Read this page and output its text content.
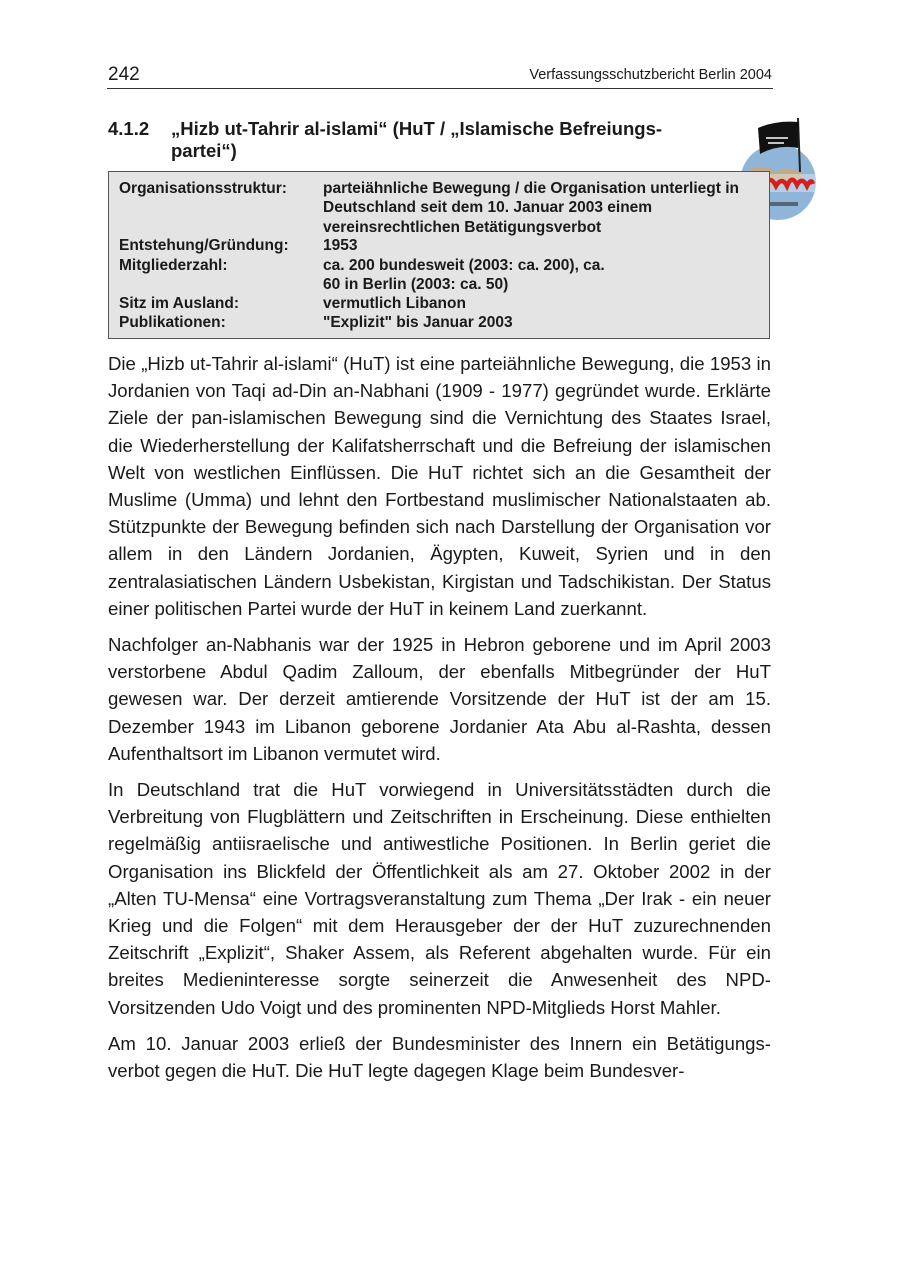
242	Verfassungsschutzbericht Berlin 2004
4.1.2 „Hizb ut-Tahrir al-islami“ (HuT / „Islamische Befreiungs-partei“)
Organisationsstruktur:	parteiähnliche Bewegung / die Organisation unterliegt in Deutschland seit dem 10. Januar 2003 einem vereinsrechtlichen Betätigungsverbot
Entstehung/Gründung:	1953
Mitgliederzahl:	ca. 200 bundesweit (2003: ca. 200), ca. 60 in Berlin (2003: ca. 50)
Sitz im Ausland:	vermutlich Libanon
Publikationen:	"Explizit" bis Januar 2003

Die „Hizb ut-Tahrir al-islami“ (HuT) ist eine parteiähnliche Bewegung, die 1953 in Jordanien von Taqi ad-Din an-Nabhani (1909 - 1977) gegründet wurde. Erklärte Ziele der pan-islamischen Bewegung sind die Vernichtung des Staates Israel, die Wiederherstellung der Kalifatsherrschaft und die Befreiung der islamischen Welt von westlichen Einflüssen. Die HuT richtet sich an die Gesamtheit der Muslime (Umma) und lehnt den Fortbestand muslimischer Nationalstaaten ab. Stützpunkte der Bewegung befinden sich nach Darstellung der Organisation vor allem in den Ländern Jordanien, Ägypten, Kuweit, Syrien und in den zentralasiatischen Ländern Usbekistan, Kirgistan und Tadschikistan. Der Status einer politischen Partei wurde der HuT in keinem Land zuerkannt.

Nachfolger an-Nabhanis war der 1925 in Hebron geborene und im April 2003 verstorbene Abdul Qadim Zalloum, der ebenfalls Mitbegründer der HuT gewesen war. Der derzeit amtierende Vorsitzende der HuT ist der am 15. Dezember 1943 im Libanon geborene Jordanier Ata Abu al-Rashta, dessen Aufenthaltsort im Libanon vermutet wird.

In Deutschland trat die HuT vorwiegend in Universitätsstädten durch die Verbreitung von Flugblättern und Zeitschriften in Erscheinung. Diese enthielten regelmäßig antiisraelische und antiwestliche Positionen. In Berlin geriet die Organisation ins Blickfeld der Öffentlichkeit als am 27. Oktober 2002 in der „Alten TU-Mensa“ eine Vortragsveranstaltung zum Thema „Der Irak - ein neuer Krieg und die Folgen“ mit dem Herausgeber der der HuT zuzurechnenden Zeitschrift „Explizit“, Shaker Assem, als Referent abgehalten wurde. Für ein breites Medieninteresse sorgte seinerzeit die Anwesenheit des NPD-Vorsitzenden Udo Voigt und des prominenten NPD-Mitglieds Horst Mahler.

Am 10. Januar 2003 erließ der Bundesminister des Innern ein Betätigungs-verbot gegen die HuT. Die HuT legte dagegen Klage beim Bundesver-
